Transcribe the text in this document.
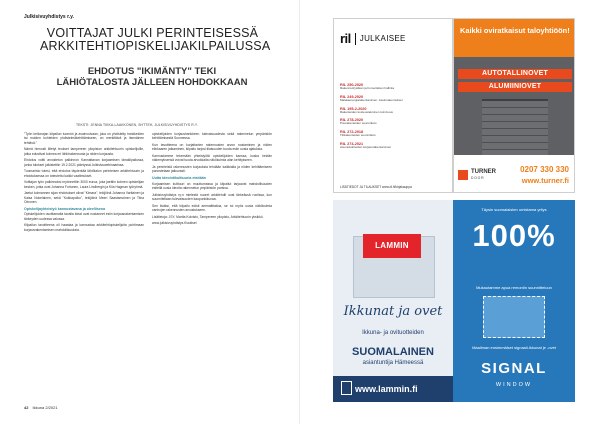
Julkisivuyhdistys r.y.
VOITTAJAT JULKI PERINTEISESSÄ ARKKITEHTIOPISKELIJAKILPAILUSSA
EHDOTUS "IKIMÄNTY" TEKI LÄHIÖTALOSTA JÄLLEEN HOHDOKKAAN
TEKSTI: JENNA TIKKA-LAAKKONEN, SHTTEH, JULKISIVUYHDISTYS R.Y.

"Työn kellonajan kilpailun tuomiot ja avainvoivaan, joka on yhdistetty hankkeiden tai muiden kohteiden yhdistelmäkehittämiseen, on merkittävä ja itsenäinen tehtävä."

Nämä hienosti liitetyt teokset tampereen yliopiston arkkitehtuurin opiskelijoille, jotka edustivat kolmea eri lähiörakennusta ja niiden korjausta.

Ehdotus voitti arvostetun palkinnon Kannattavan korjaamisen ideakilpailussa, jonka tulokset julkistettiin 19.2.2021 pidetyssä Julkisivuwebinaarissa.

Tuomaristo totesi, että ehdotus täydentää lähiötalon perinteisen arkkitehtuurin ja ehdotuksessa on toteutettu kaikki vaatimukset.

Voittajan työn palkinnoksi myönnettiin 3000 euroa, joka jaettiin kolmen opiskelijan kesken, jotka ovat Johanna Fortunen, Laura Lindbergin ja Kiia Hagman työryhmä.

Jaetut kolmannen sijan ehdotukset olivat "Kimara", tekijöinä Johanna Vartiainen ja Kaisa Nokelainen, sekä "Kukkapolku", tekijöinä Meeri Saastamoinen ja Tiina Oinonen.

Opiskelijayhteistyö kannustavana ja oleellisena

Opiskelijoiden osoittamalla tavalla ideat ovat nostaneet esiin korjausrakentamisen tärkeyden uudessa valossa.

Kilpailun tavoitteena oli haastaa ja kannustaa arkkitehtiopiskelijoita pohtimaan korjausrakentamisen mahdollisuuksia.

opiskelijoiden korjaushankkeen tulevaisuudesta sekä rakennetun ympäristön kehittämisestä Suomessa.

Kun tavoitteena on korjattavien rakennusten arvon nostaminen ja niiden elinkaaren jatkaminen, kilpailu tarjosi tilaisuuden tuoda esiin uusia ajatuksia.

Kannustamme tekemään yhteistyötä opiskelijoiden kanssa, koska heidän näkemyksensä voivat tuoda arvokkaita näkökulmia alan kehitykseen.

Ja perinteisiä rakennusten korjauksia tehdään kaikkialla ja niiden kehittämiseen panostetaan jatkuvasti.

Uutta ideointikulttuuria etsitään

Korjaamisen kulttuuri on muuttumassa ja kilpailut tarjoavat mahdollisuuden esitellä uusia ideoita rakennetun ympäristön parissa.

Julkisivuyhdistys ry:n mielestä nuoret arkkitehdit ovat tärkeässä roolissa, kun suunnitellaan tulevaisuuden kaupunkikuvaa.

Sen lisäksi, että kilpailu edisti ammattitaitoa, se toi myös uusia näkökulmia vanhojen rakennusten arvostukseen.

Lisätietoja: JSY, Martta Koivisto, Tampereen yliopisto, Arkkitehtuurin yksikkö.

www.julkisivuyhdistys.fi/uutiset

42 Ikkuna 2/2021
ril JULKAISEE
RIL 250-2020
Rakennusfysiikan ja homeriskien hallinta
RIL 249-2020
Matalaenergiarakentaminen. Asuinrakennukset
RIL 195-2-2020
Rakenteiden kosteustekninen toimivuus
RIL 278-2020
Puurakenteiden suunnittelu
RIL 272-2018
Tiilirakenteiden suunnittelu
RIL 274-2021
Asuntokohteiden korjausrakentaminen
LISÄTIEDOT JA TILAUKSET www.ril.fi/kirjakauppa
Kaikki oviratkaisut taloyhtiöön!
AUTOTALLINOVET
ALUMIINIOVET
TURNER
DOOR
0207 330 330
www.turner.fi
LAMMIN
Ikkunat ja ovet
Ikkuna- ja ovituotteiden
SUOMALAINEN
asiantuntija Hämeessä
www.lammin.fi
Täysin suomalaisten omistama yritys
100%
Mukautamme apua remontin suunnitteluun
Maailman ensimmäiset signaali-ikkunat je -ovet
SIGNAL
WINDOW
